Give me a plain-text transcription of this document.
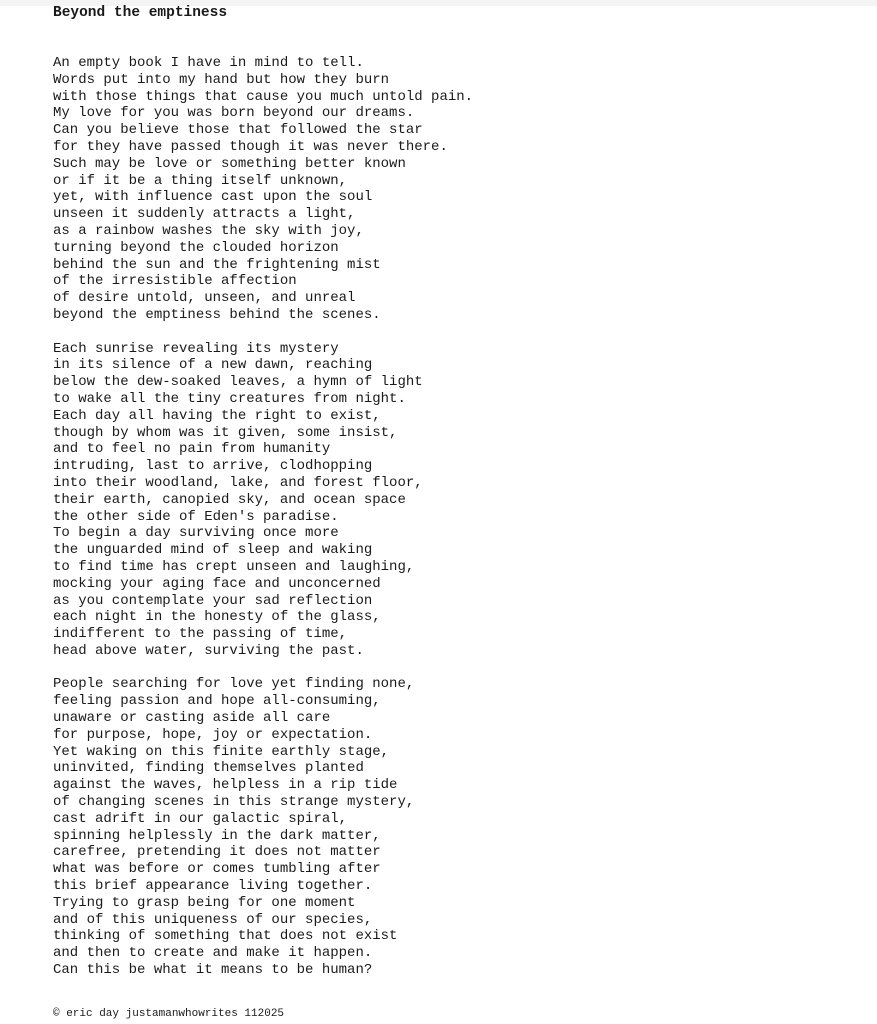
Beyond the emptiness
An empty book I have in mind to tell.
Words put into my hand but how they burn
with those things that cause you much untold pain.
My love for you was born beyond our dreams.
Can you believe those that followed the star
for they have passed though it was never there.
Such may be love or something better known
or if it be a thing itself unknown,
yet, with influence cast upon the soul
unseen it suddenly attracts a light,
as a rainbow washes the sky with joy,
turning beyond the clouded horizon
behind the sun and the frightening mist
of the irresistible affection
of desire untold, unseen, and unreal
beyond the emptiness behind the scenes.
Each sunrise revealing its mystery
in its silence of a new dawn, reaching
below the dew-soaked leaves, a hymn of light
to wake all the tiny creatures from night.
Each day all having the right to exist,
though by whom was it given, some insist,
and to feel no pain from humanity
intruding, last to arrive, clodhopping
into their woodland, lake, and forest floor,
their earth, canopied sky, and ocean space
the other side of Eden's paradise.
To begin a day surviving once more
the unguarded mind of sleep and waking
to find time has crept unseen and laughing,
mocking your aging face and unconcerned
as you contemplate your sad reflection
each night in the honesty of the glass,
indifferent to the passing of time,
head above water, surviving the past.
People searching for love yet finding none,
feeling passion and hope all-consuming,
unaware or casting aside all care
for purpose, hope, joy or expectation.
Yet waking on this finite earthly stage,
uninvited, finding themselves planted
against the waves, helpless in a rip tide
of changing scenes in this strange mystery,
cast adrift in our galactic spiral,
spinning helplessly in the dark matter,
carefree, pretending it does not matter
what was before or comes tumbling after
this brief appearance living together.
Trying to grasp being for one moment
and of this uniqueness of our species,
thinking of something that does not exist
and then to create and make it happen.
Can this be what it means to be human?

© eric day justamanwhowrites 112025
